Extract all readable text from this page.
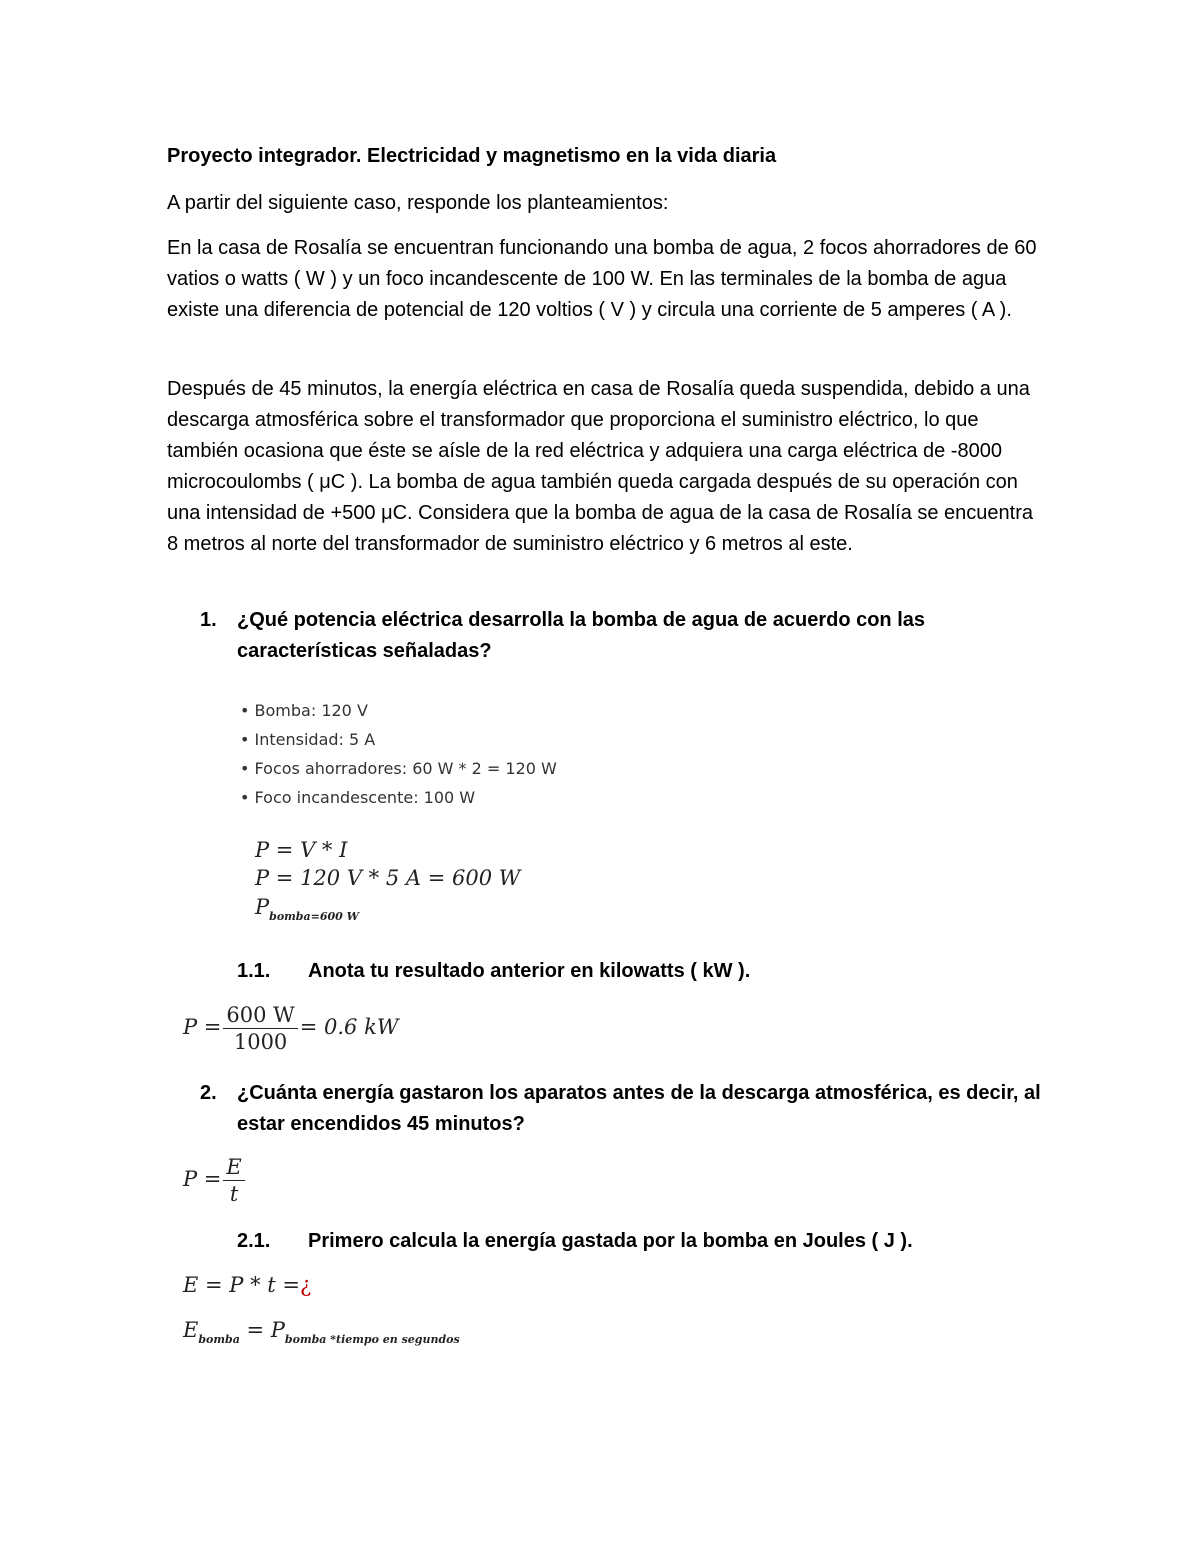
Proyecto integrador. Electricidad y magnetismo en la vida diaria

A partir del siguiente caso, responde los planteamientos:

En la casa de Rosalía se encuentran funcionando una bomba de agua, 2 focos ahorradores de 60 vatios o watts ( W ) y un foco incandescente de 100 W. En las terminales de la bomba de agua existe una diferencia de potencial de 120 voltios ( V ) y circula una corriente de 5 amperes ( A ).

Después de 45 minutos, la energía eléctrica en casa de Rosalía queda suspendida, debido a una descarga atmosférica sobre el transformador que proporciona el suministro eléctrico, lo que también ocasiona que éste se aísle de la red eléctrica y adquiera una carga eléctrica de -8000 microcoulombs ( μC ). La bomba de agua también queda cargada después de su operación con una intensidad de +500 μC. Considera que la bomba de agua de la casa de Rosalía se encuentra 8 metros al norte del transformador de suministro eléctrico y 6 metros al este.

1. ¿Qué potencia eléctrica desarrolla la bomba de agua de acuerdo con las características señaladas?
• Bomba: 120 V
• Intensidad: 5 A
• Focos ahorradores: 60 W * 2 = 120 W
• Foco incandescente: 100 W
P = V * I
P = 120 V * 5 A = 600 W
$P_{bomba=600 W}$
1.1. Anota tu resultado anterior en kilowatts ( kW ).
$P = \frac{600 W}{1000} = 0.6$ kW
2. ¿Cuánta energía gastaron los aparatos antes de la descarga atmosférica, es decir, al estar encendidos 45 minutos?
$P = \frac{E}{t}$
2.1. Primero calcula la energía gastada por la bomba en Joules ( J ).
E = P * t =¿
$E_{bomba} = P_{bomba *tiempo en segundos}$
